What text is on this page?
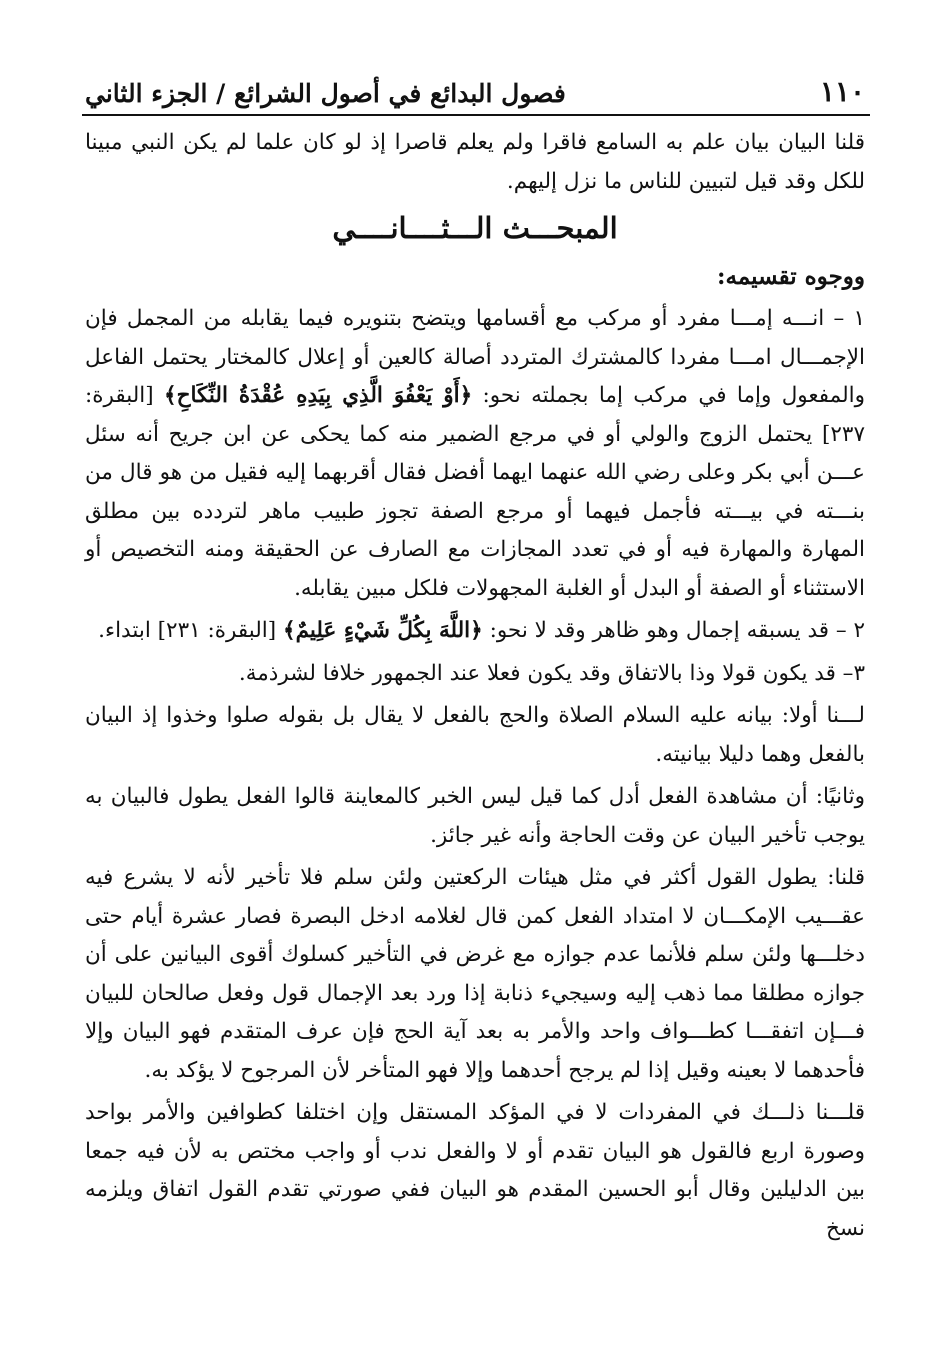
١١٠
فصول البدائع في أصول الشرائع / الجزء الثاني

قلنا البيان بيان علم به السامع فاقرا ولم يعلم قاصرا إذ لو كان علما لم يكن النبي مبينا للكل وقد قيل لتبيين للناس ما نزل إليهم.

المبحـــث الـــثــــانــــي

ووجوه تقسيمه:

١ – انـــه إمـــا مفرد أو مركب مع أقسامها ويتضح بتنويره فيما يقابله من المجمل فإن الإجمـــال امـــا مفردا كالمشترك المتردد أصالة كالعين أو إعلال كالمختار يحتمل الفاعل والمفعول وإما في مركب إما بجملته نحو: ﴿أَوْ يَعْفُوَ الَّذِي بِيَدِهِ عُقْدَةُ النِّكَاحِ﴾ [البقرة: ٢٣٧] يحتمل الزوج والولي أو في مرجع الضمير منه كما يحكى عن ابن جريح أنه سئل عـــن أبي بكر وعلى رضي الله عنهما ايهما أفضل فقال أقربهما إليه فقيل من هو قال من بنـــته في بيـــته فأجمل فيهما أو مرجع الصفة تجوز طبيب ماهر لتردده بين مطلق المهارة والمهارة فيه أو في تعدد المجازات مع الصارف عن الحقيقة ومنه التخصيص أو الاستثناء أو الصفة أو البدل أو الغلبة المجهولات فلكل مبين يقابله.

٢ – قد يسبقه إجمال وهو ظاهر وقد لا نحو: ﴿اللَّهَ بِكُلِّ شَيْءٍ عَلِيمٌ﴾ [البقرة: ٢٣١] ابتداء.

٣– قد يكون قولا وذا بالاتفاق وقد يكون فعلا عند الجمهور خلافا لشرذمة.

لـــنا أولا: بيانه عليه السلام الصلاة والحج بالفعل لا يقال بل بقوله صلوا وخذوا إذ البيان بالفعل وهما دليلا بيانيته.

وثانيًا: أن مشاهدة الفعل أدل كما قيل ليس الخبر كالمعاينة قالوا الفعل يطول فالبيان به يوجب تأخير البيان عن وقت الحاجة وأنه غير جائز.

قلنا: يطول القول أكثر في مثل هيئات الركعتين ولئن سلم فلا تأخير لأنه لا يشرع فيه عقـــيب الإمكـــان لا امتداد الفعل كمن قال لغلامه ادخل البصرة فصار عشرة أيام حتى دخلـــها ولئن سلم فلأنما عدم جوازه مع غرض في التأخير كسلوك أقوى البيانين على أن جوازه مطلقا مما ذهب إليه وسيجيء ذنابة إذا ورد بعد الإجمال قول وفعل صالحان للبيان فـــإن اتفقـــا كطـــواف واحد والأمر به بعد آية الحج فإن عرف المتقدم فهو البيان وإلا فأحدهما لا بعينه وقيل إذا لم يرجح أحدهما وإلا فهو المتأخر لأن المرجوح لا يؤكد به.

قلـــنا ذلـــك في المفردات لا في المؤكد المستقل وإن اختلفا كطوافين والأمر بواحد وصورة اربع فالقول هو البيان تقدم أو لا والفعل ندب أو واجب مختص به لأن فيه جمعا بين الدليلين وقال أبو الحسين المقدم هو البيان ففي صورتي تقدم القول اتفاق ويلزمه نسخ
